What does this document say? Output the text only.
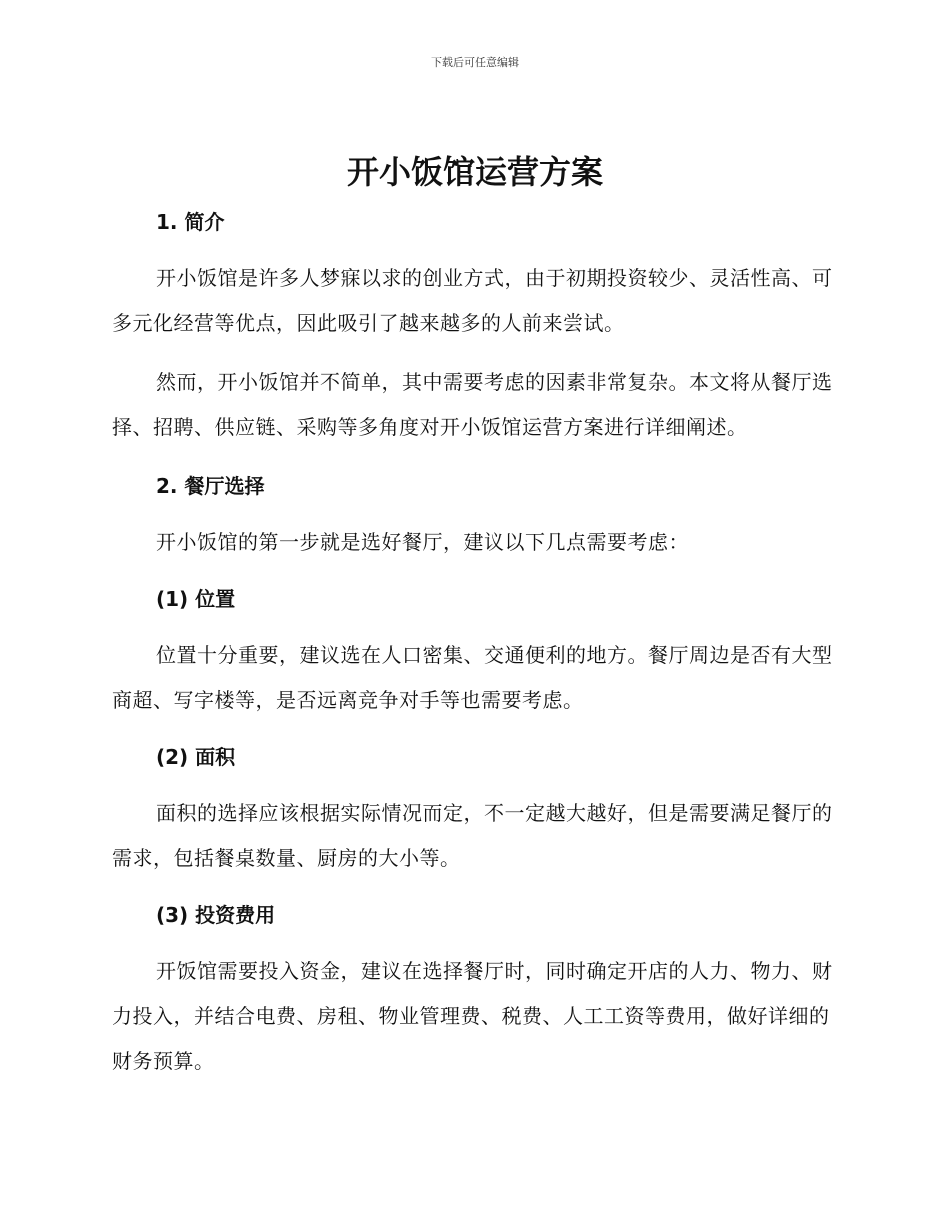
下载后可任意编辑
开小饭馆运营方案
1. 简介

开小饭馆是许多人梦寐以求的创业方式，由于初期投资较少、灵活性高、可多元化经营等优点，因此吸引了越来越多的人前来尝试。

然而，开小饭馆并不简单，其中需要考虑的因素非常复杂。本文将从餐厅选择、招聘、供应链、采购等多角度对开小饭馆运营方案进行详细阐述。

2. 餐厅选择

开小饭馆的第一步就是选好餐厅，建议以下几点需要考虑：

(1) 位置

位置十分重要，建议选在人口密集、交通便利的地方。餐厅周边是否有大型商超、写字楼等，是否远离竞争对手等也需要考虑。

(2) 面积

面积的选择应该根据实际情况而定，不一定越大越好，但是需要满足餐厅的需求，包括餐桌数量、厨房的大小等。

(3) 投资费用

开饭馆需要投入资金，建议在选择餐厅时，同时确定开店的人力、物力、财力投入，并结合电费、房租、物业管理费、税费、人工工资等费用，做好详细的财务预算。
